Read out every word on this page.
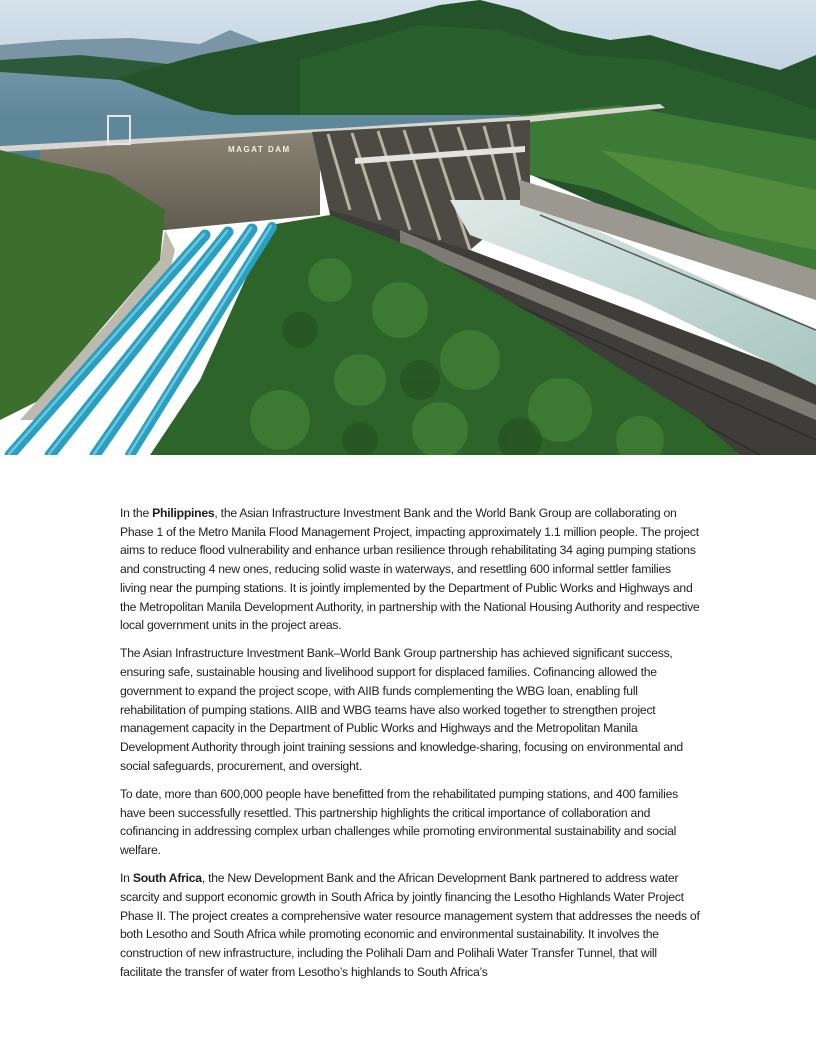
MAGAT DAM

In the Philippines, the Asian Infrastructure Investment Bank and the World Bank Group are collaborating on Phase 1 of the Metro Manila Flood Management Project, impacting approximately 1.1 million people. The project aims to reduce flood vulnerability and enhance urban resilience through rehabilitating 34 aging pumping stations and constructing 4 new ones, reducing solid waste in waterways, and resettling 600 informal settler families living near the pumping stations. It is jointly implemented by the Department of Public Works and Highways and the Metropolitan Manila Development Authority, in partnership with the National Housing Authority and respective local government units in the project areas.

The Asian Infrastructure Investment Bank–World Bank Group partnership has achieved significant success, ensuring safe, sustainable housing and livelihood support for displaced families. Cofinancing allowed the government to expand the project scope, with AIIB funds complementing the WBG loan, enabling full rehabilitation of pumping stations. AIIB and WBG teams have also worked together to strengthen project management capacity in the Department of Public Works and Highways and the Metropolitan Manila Development Authority through joint training sessions and knowledge-sharing, focusing on environmental and social safeguards, procurement, and oversight.

To date, more than 600,000 people have benefitted from the rehabilitated pumping stations, and 400 families have been successfully resettled. This partnership highlights the critical importance of collaboration and cofinancing in addressing complex urban challenges while promoting environmental sustainability and social welfare.

In South Africa, the New Development Bank and the African Development Bank partnered to address water scarcity and support economic growth in South Africa by jointly financing the Lesotho Highlands Water Project Phase II. The project creates a comprehensive water resource management system that addresses the needs of both Lesotho and South Africa while promoting economic and environmental sustainability. It involves the construction of new infrastructure, including the Polihali Dam and Polihali Water Transfer Tunnel, that will facilitate the transfer of water from Lesotho’s highlands to South Africa’s
